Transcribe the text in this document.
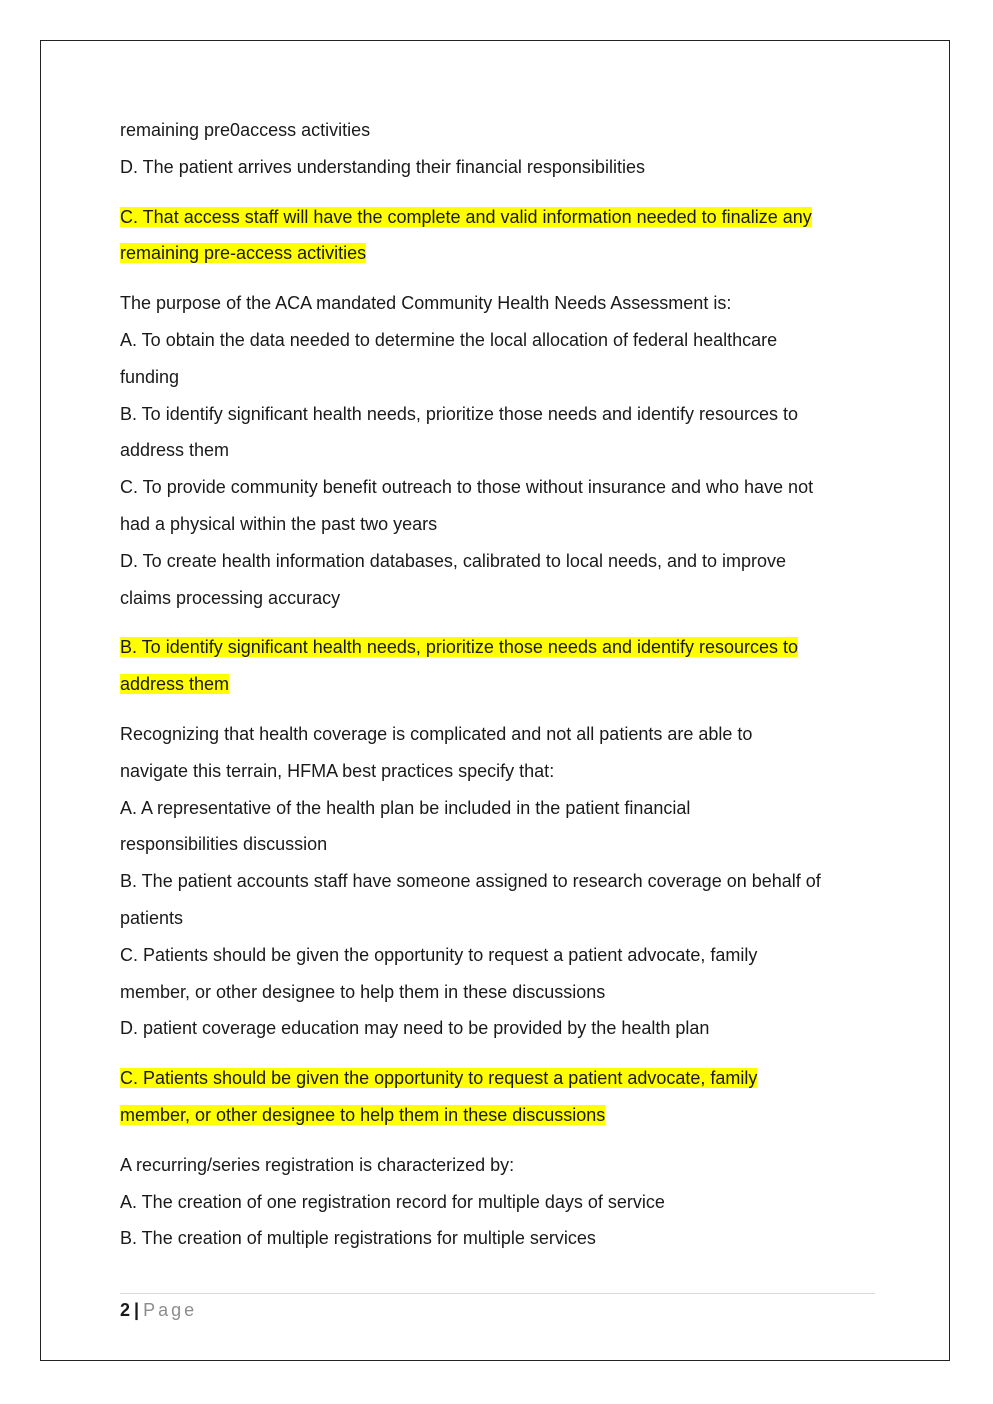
remaining pre0access activities

D. The patient arrives understanding their financial responsibilities

C. That access staff will have the complete and valid information needed to finalize any

remaining pre-access activities

The purpose of the ACA mandated Community Health Needs Assessment is:

A. To obtain the data needed to determine the local allocation of federal healthcare

funding

B. To identify significant health needs, prioritize those needs and identify resources to

address them

C. To provide community benefit outreach to those without insurance and who have not

had a physical within the past two years

D. To create health information databases, calibrated to local needs, and to improve

claims processing accuracy

B. To identify significant health needs, prioritize those needs and identify resources to

address them

Recognizing that health coverage is complicated and not all patients are able to

navigate this terrain, HFMA best practices specify that:

A. A representative of the health plan be included in the patient financial

responsibilities discussion

B. The patient accounts staff have someone assigned to research coverage on behalf of

patients

C. Patients should be given the opportunity to request a patient advocate, family

member, or other designee to help them in these discussions

D. patient coverage education may need to be provided by the health plan

C. Patients should be given the opportunity to request a patient advocate, family

member, or other designee to help them in these discussions

A recurring/series registration is characterized by:

A. The creation of one registration record for multiple days of service

B. The creation of multiple registrations for multiple services

2 | Page
